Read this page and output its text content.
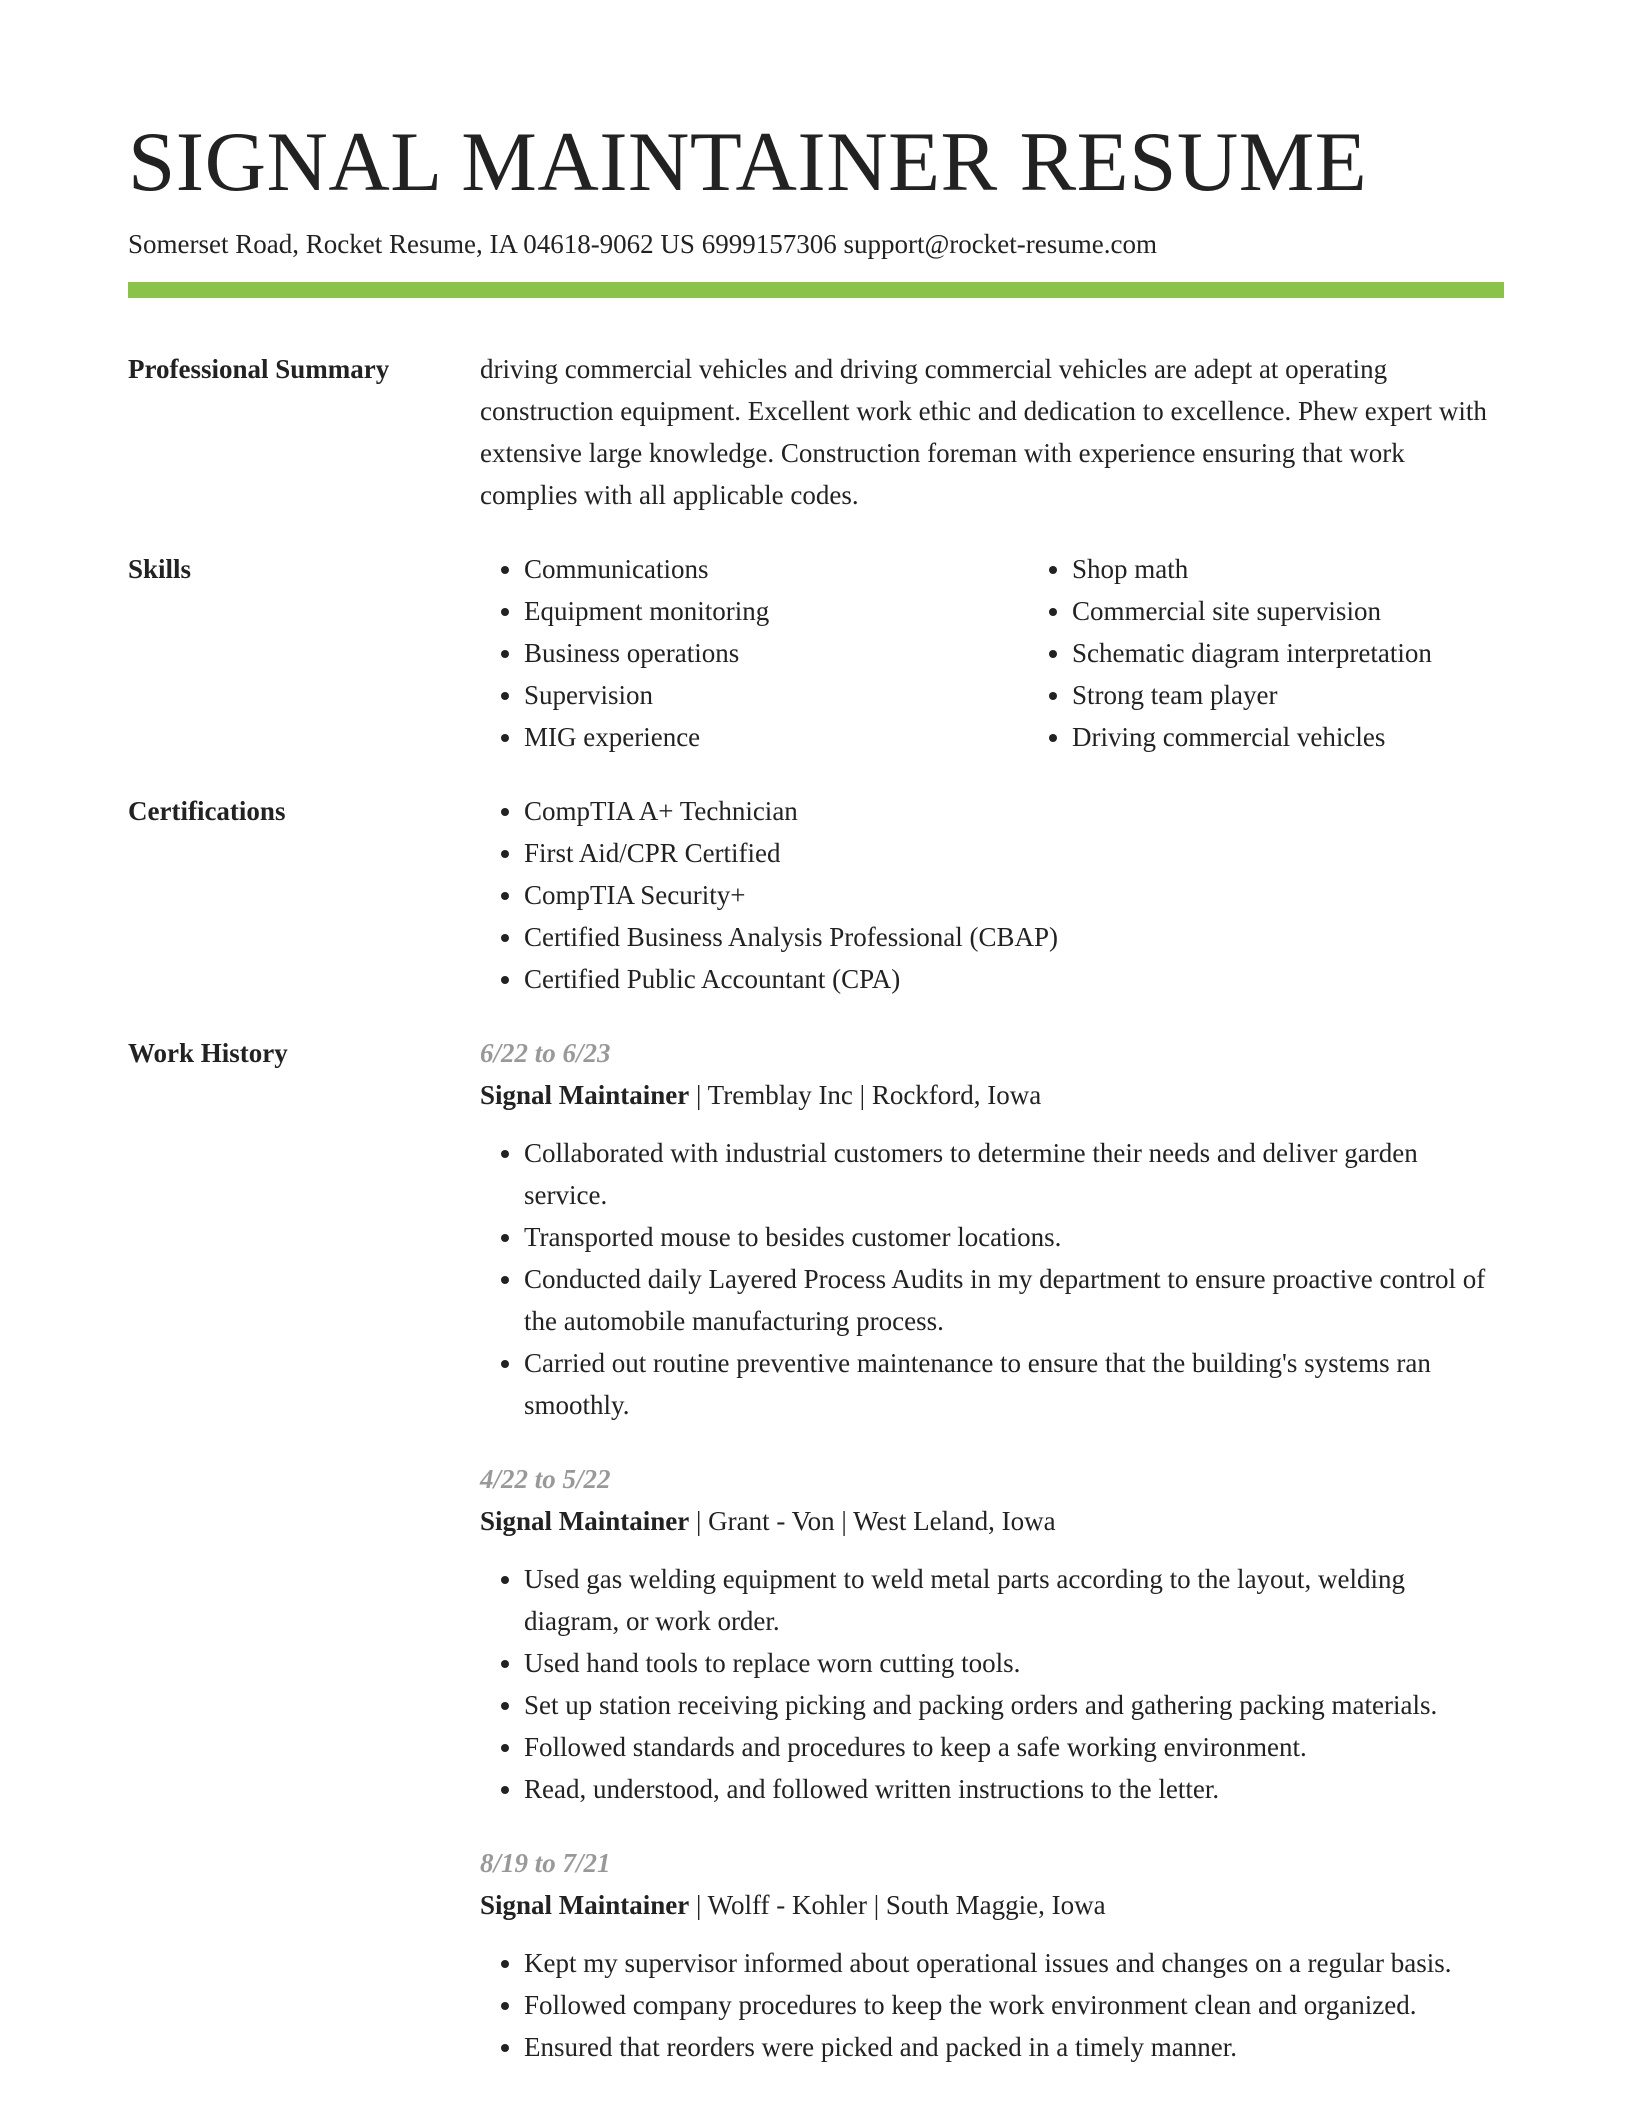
SIGNAL MAINTAINER RESUME
Somerset Road, Rocket Resume, IA 04618-9062 US 6999157306 support@rocket-resume.com
Professional Summary	driving commercial vehicles and driving commercial vehicles are adept at operating construction equipment. Excellent work ethic and dedication to excellence. Phew expert with extensive large knowledge. Construction foreman with experience ensuring that work complies with all applicable codes.

Skills	• Communications
• Equipment monitoring
• Business operations
• Supervision
• MIG experience
• Shop math
• Commercial site supervision
• Schematic diagram interpretation
• Strong team player
• Driving commercial vehicles
Certifications	• CompTIA A+ Technician
• First Aid/CPR Certified
• CompTIA Security+
• Certified Business Analysis Professional (CBAP)
• Certified Public Accountant (CPA)
Work History	6/22 to 6/23
Signal Maintainer | Tremblay Inc | Rockford, Iowa
• Collaborated with industrial customers to determine their needs and deliver garden service.
• Transported mouse to besides customer locations.
• Conducted daily Layered Process Audits in my department to ensure proactive control of the automobile manufacturing process.
• Carried out routine preventive maintenance to ensure that the building's systems ran smoothly.
4/22 to 5/22
Signal Maintainer | Grant - Von | West Leland, Iowa
• Used gas welding equipment to weld metal parts according to the layout, welding diagram, or work order.
• Used hand tools to replace worn cutting tools.
• Set up station receiving picking and packing orders and gathering packing materials.
• Followed standards and procedures to keep a safe working environment.
• Read, understood, and followed written instructions to the letter.
8/19 to 7/21
Signal Maintainer | Wolff - Kohler | South Maggie, Iowa
• Kept my supervisor informed about operational issues and changes on a regular basis.
• Followed company procedures to keep the work environment clean and organized.
• Ensured that reorders were picked and packed in a timely manner.
